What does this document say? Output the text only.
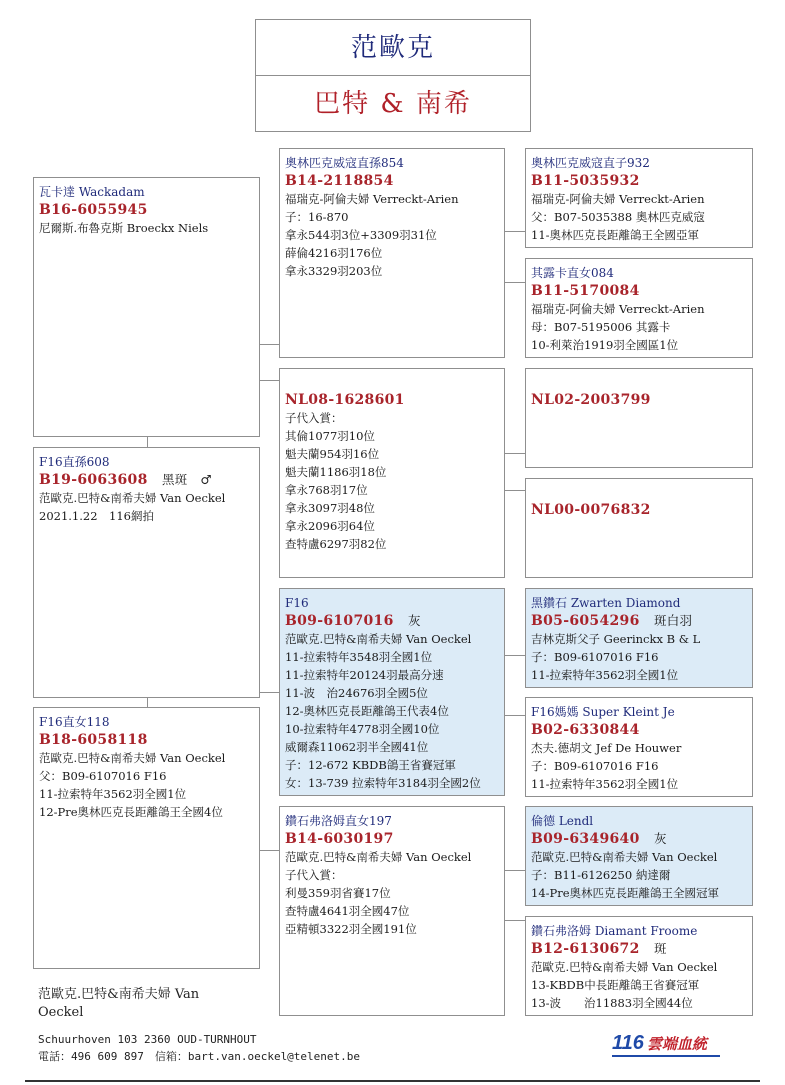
范歐克
巴特 & 南希
瓦卡達 Wackadam
B16-6055945
尼爾斯.布魯克斯 Broeckx Niels
F16直孫608
B19-6063608　 黑斑　♂
范歐克.巴特&南希夫婦 Van Oeckel
2021.1.22　116網拍
F16直女118
B18-6058118
范歐克.巴特&南希夫婦 Van Oeckel
父：B09-6107016 F16
11-拉索特年3562羽全國1位
12-Pre奧林匹克長距離鴿王全國4位
奧林匹克威寇直孫854
B14-2118854
福瑞克-阿倫夫婦 Verreckt-Arien
子：16-870
拿永544羽3位+3309羽31位
薛倫4216羽176位
拿永3329羽203位
NL08-1628601
子代入賞：
其倫1077羽10位
魁夫蘭954羽16位
魁夫蘭1186羽18位
拿永768羽17位
拿永3097羽48位
拿永2096羽64位
查特盧6297羽82位
F16
B09-6107016　 灰
范歐克.巴特&南希夫婦 Van Oeckel
11-拉索特年3548羽全國1位
11-拉索特年20124羽最高分速
11-波　治24676羽全國5位
12-奧林匹克長距離鴿王代表4位
10-拉索特年4778羽全國10位
威爾森11062羽半全國41位
子：12-672 KBDB鴿王省賽冠軍
女：13-739 拉索特年3184羽全國2位
鑽石弗洛姆直女197
B14-6030197
范歐克.巴特&南希夫婦 Van Oeckel
子代入賞：
利曼359羽省賽17位
查特盧4641羽全國47位
亞精頓3322羽全國191位
奧林匹克威寇直子932
B11-5035932
福瑞克-阿倫夫婦 Verreckt-Arien
父：B07-5035388 奧林匹克威寇
11-奧林匹克長距離鴿王全國亞軍
其露卡直女084
B11-5170084
福瑞克-阿倫夫婦 Verreckt-Arien
母：B07-5195006 其露卡
10-利萊治1919羽全國區1位
NL02-2003799
NL00-0076832
黑鑽石 Zwarten Diamond
B05-6054296　 斑白羽
吉林克斯父子 Geerinckx B & L
子：B09-6107016 F16
11-拉索特年3562羽全國1位
F16媽媽 Super Kleint Je
B02-6330844
杰夫.德胡文 Jef De Houwer
子：B09-6107016 F16
11-拉索特年3562羽全國1位
倫德 Lendl
B09-6349640　 灰
范歐克.巴特&南希夫婦 Van Oeckel
子：B11-6126250 納達爾
14-Pre奧林匹克長距離鴿王全國冠軍
鑽石弗洛姆 Diamant Froome
B12-6130672　 斑
范歐克.巴特&南希夫婦 Van Oeckel
13-KBDB中長距離鴿王省賽冠軍
13-波　　治11883羽全國44位
范歐克.巴特&南希夫婦 Van
Oeckel
Schuurhoven 103 2360 OUD-TURNHOUT
電話：496 609 897　信箱：bart.van.oeckel@telenet.be
116 雲端血統
